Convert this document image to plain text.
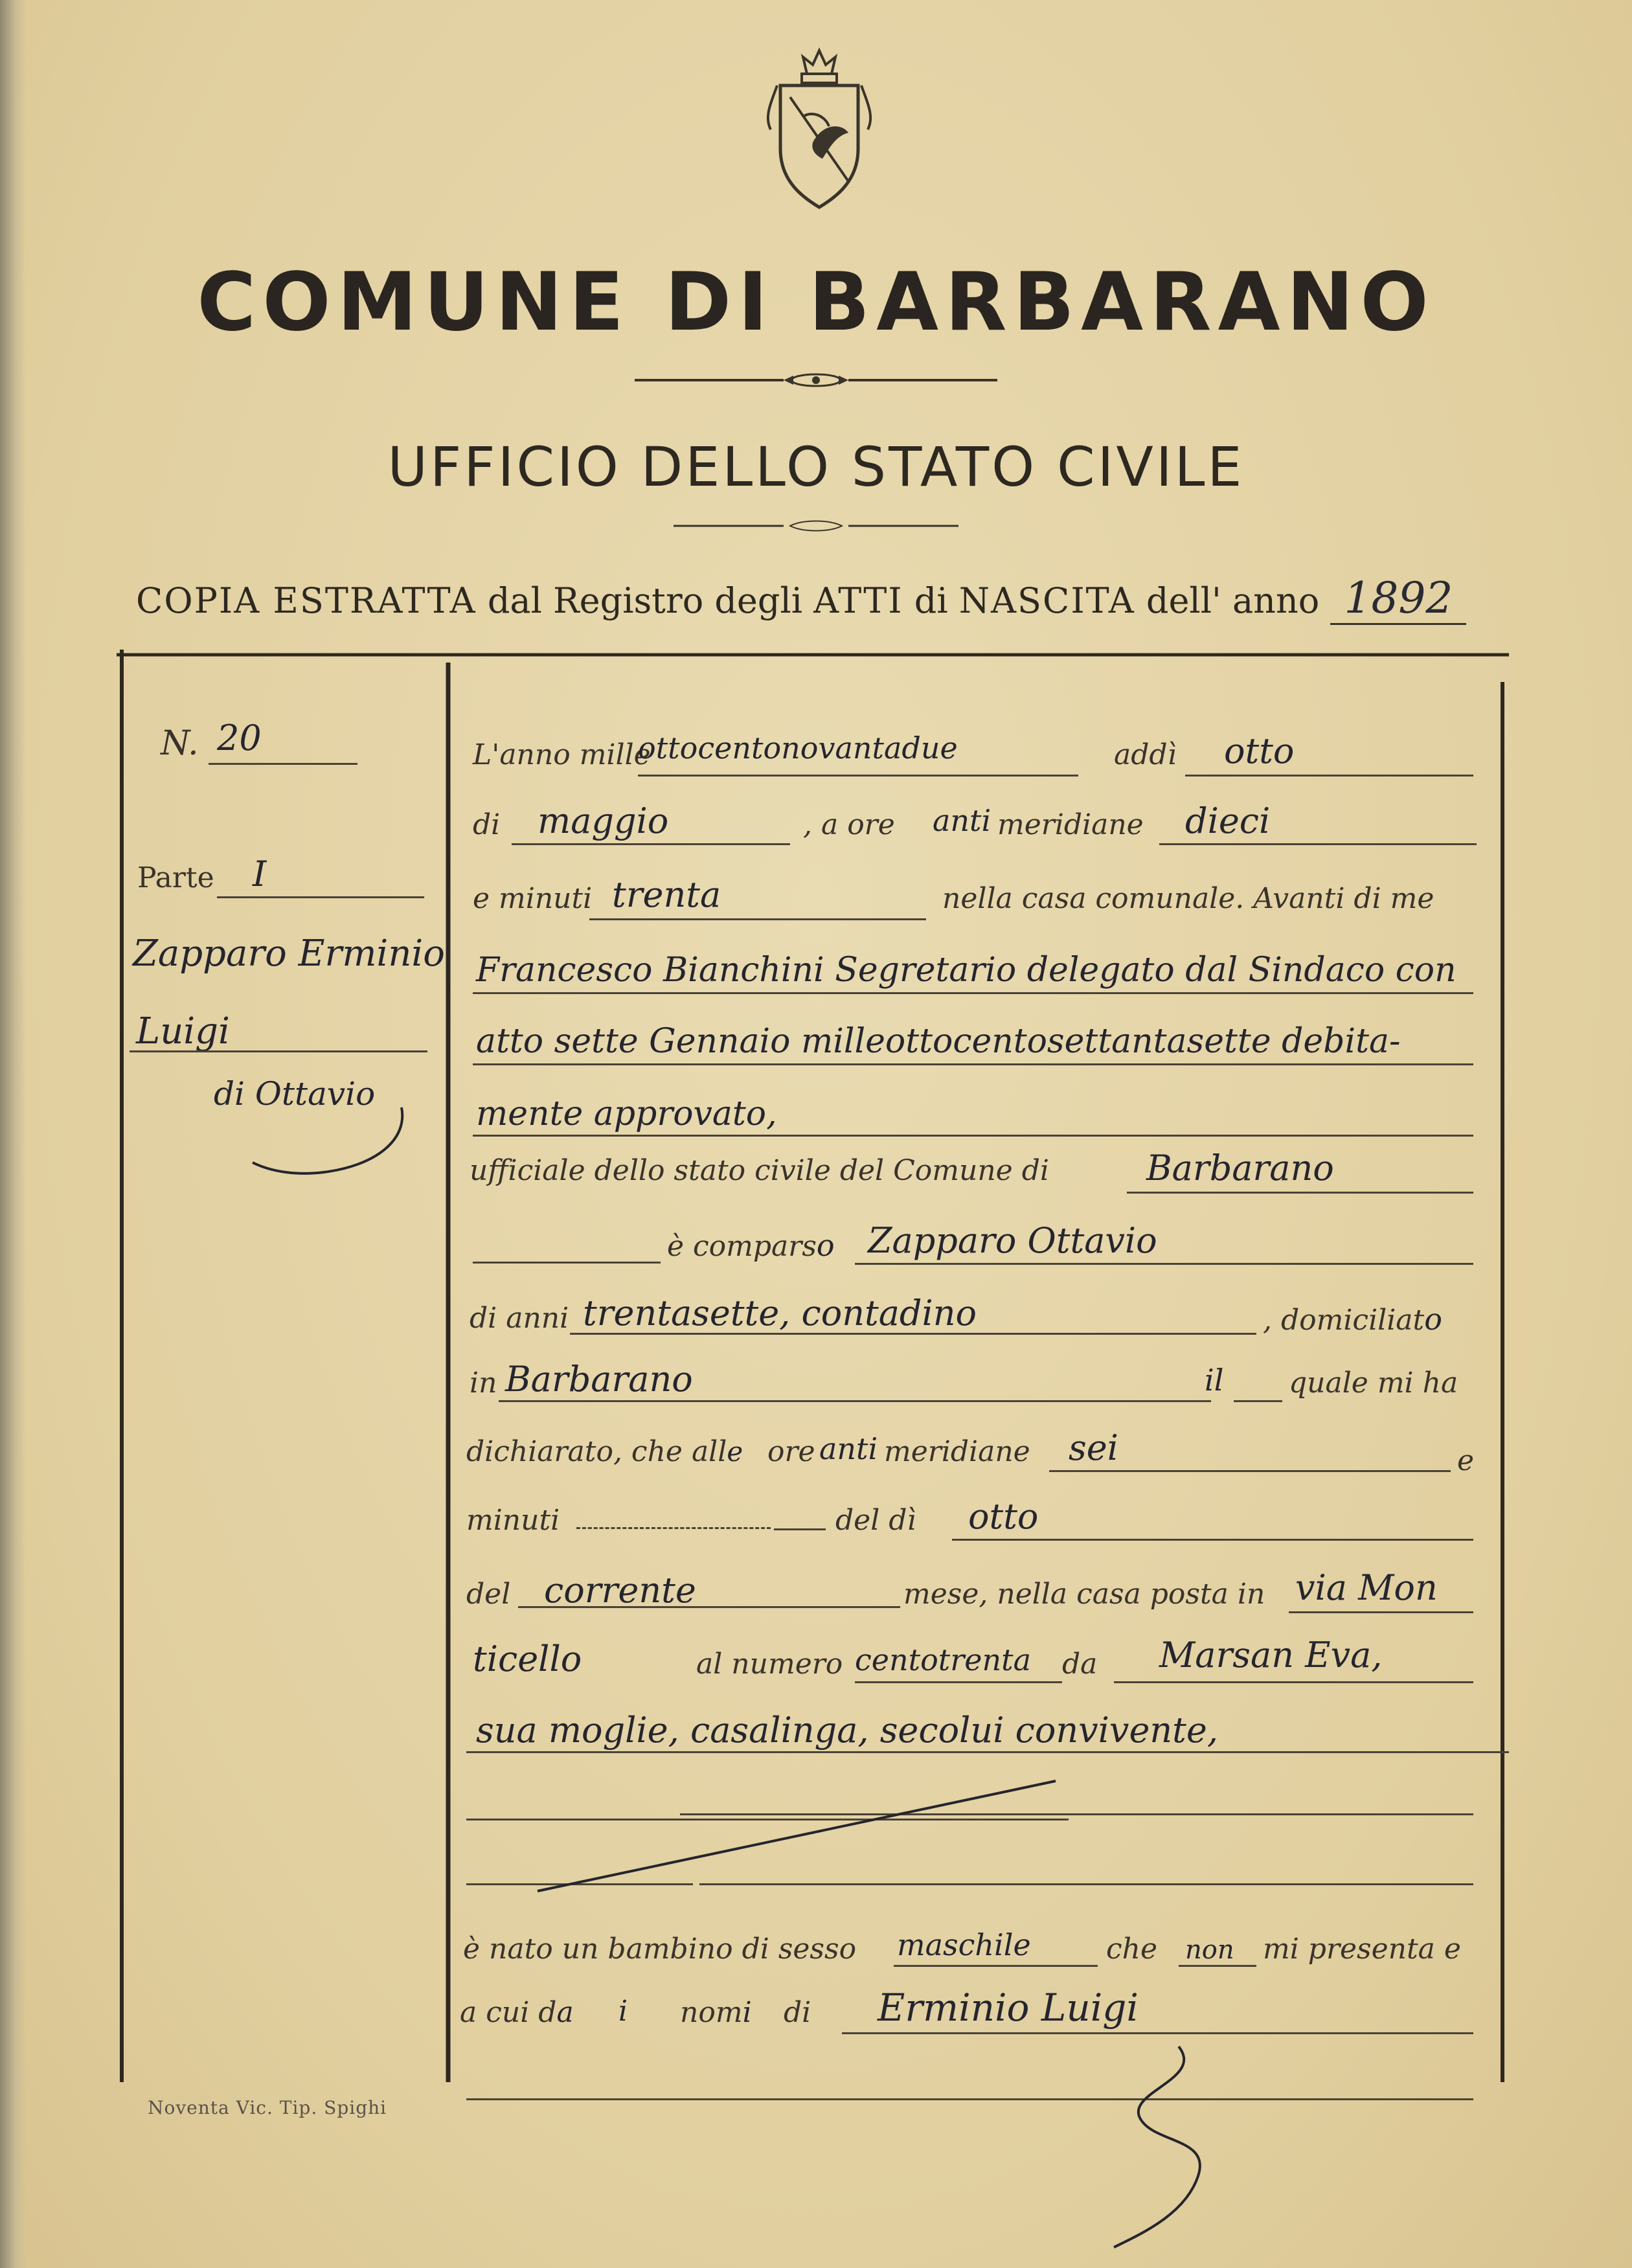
COMUNE DI BARBARANO
UFFICIO DELLO STATO CIVILE
COPIA ESTRATTA dal Registro degli ATTI di NASCITA dell' anno 1892
N. 20
Parte I
Zapparo Erminio
Luigi
di Ottavio
L'anno mille
ottocentonovantadue	addì otto
di maggio	, a ore anti meridiane dieci
e minuti trenta	nella casa comunale. Avanti di me
Francesco Bianchini Segretario delegato dal Sindaco con
atto sette Gennaio milleottocentosettantasette debita-
mente approvato,
ufficiale dello stato civile del Comune di	Barbarano
è comparso Zapparo Ottavio
di anni trentasette, contadino	, domiciliato
in Barbarano	il quale mi ha
dichiarato, che alle ore anti meridiane sei	e
minuti	del dì otto
del corrente	mese, nella casa posta in via Mon
ticello	al numero centotrenta da Marsan Eva,
sua moglie, casalinga, secolui convivente,
è nato un bambino di sesso maschile	che non mi presenta e
a cui da i nomi di Erminio Luigi
Noventa Vic. Tip. Spighi
